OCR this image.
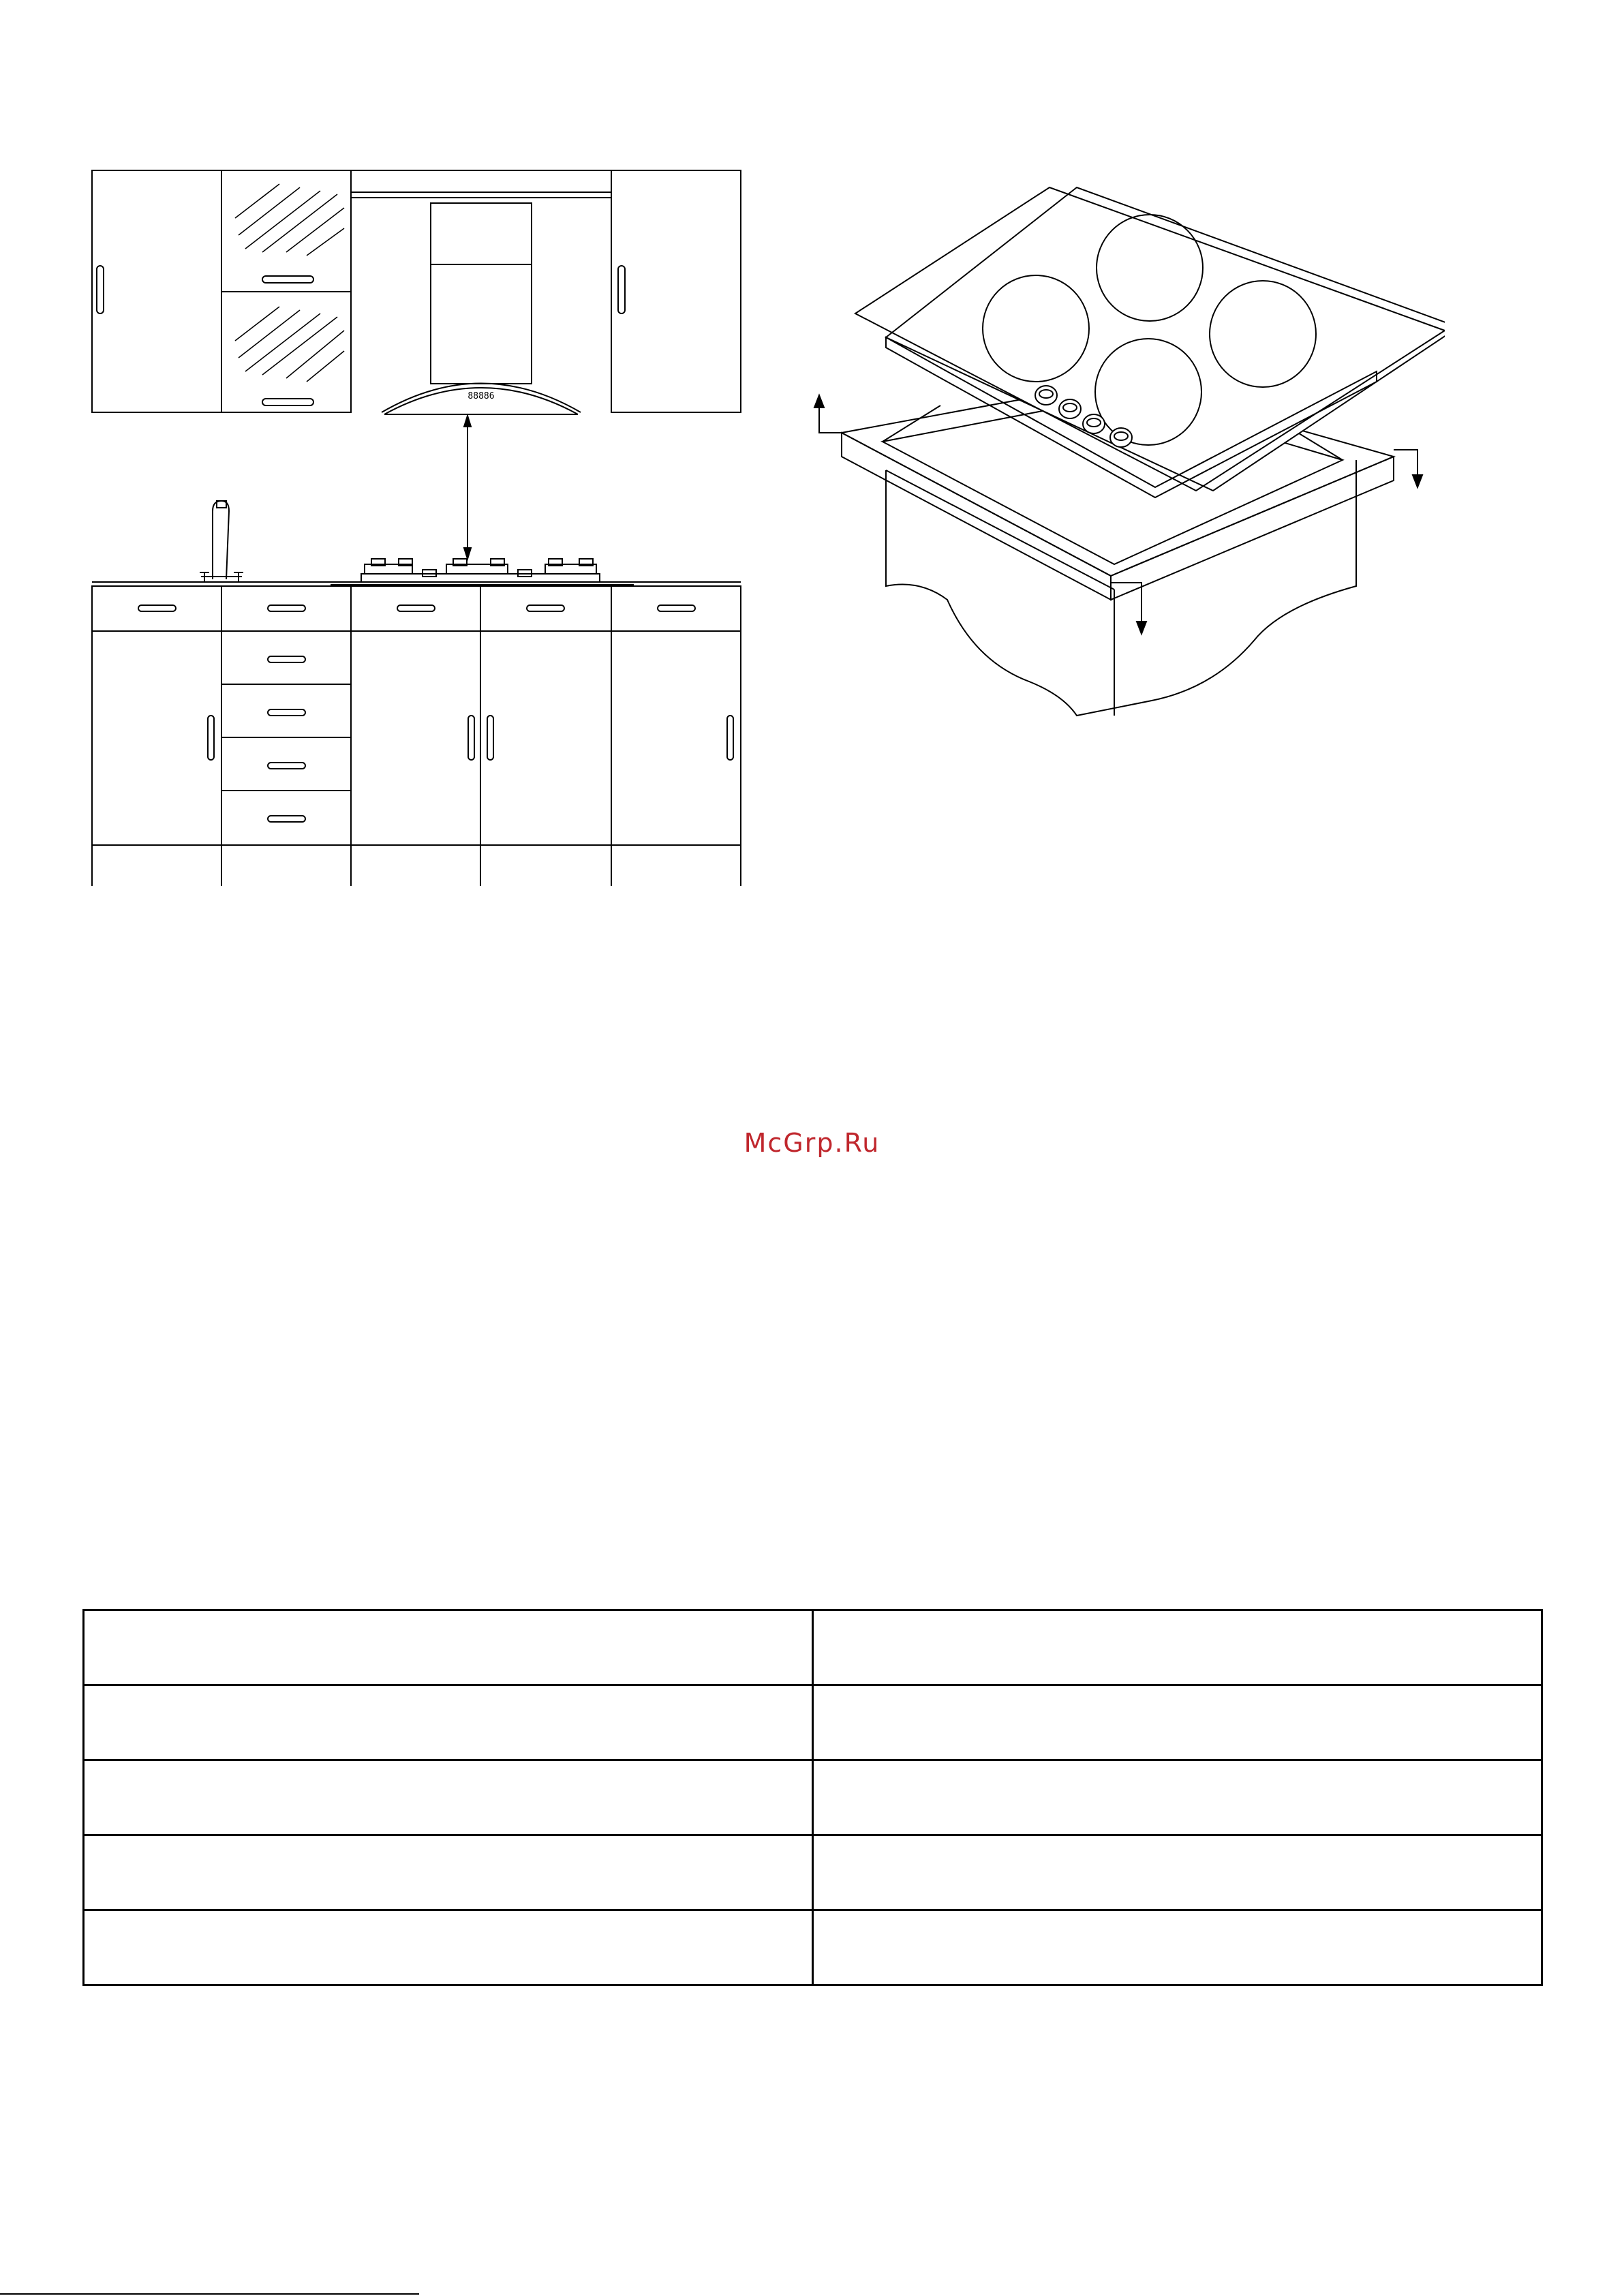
88886
McGrp.Ru
